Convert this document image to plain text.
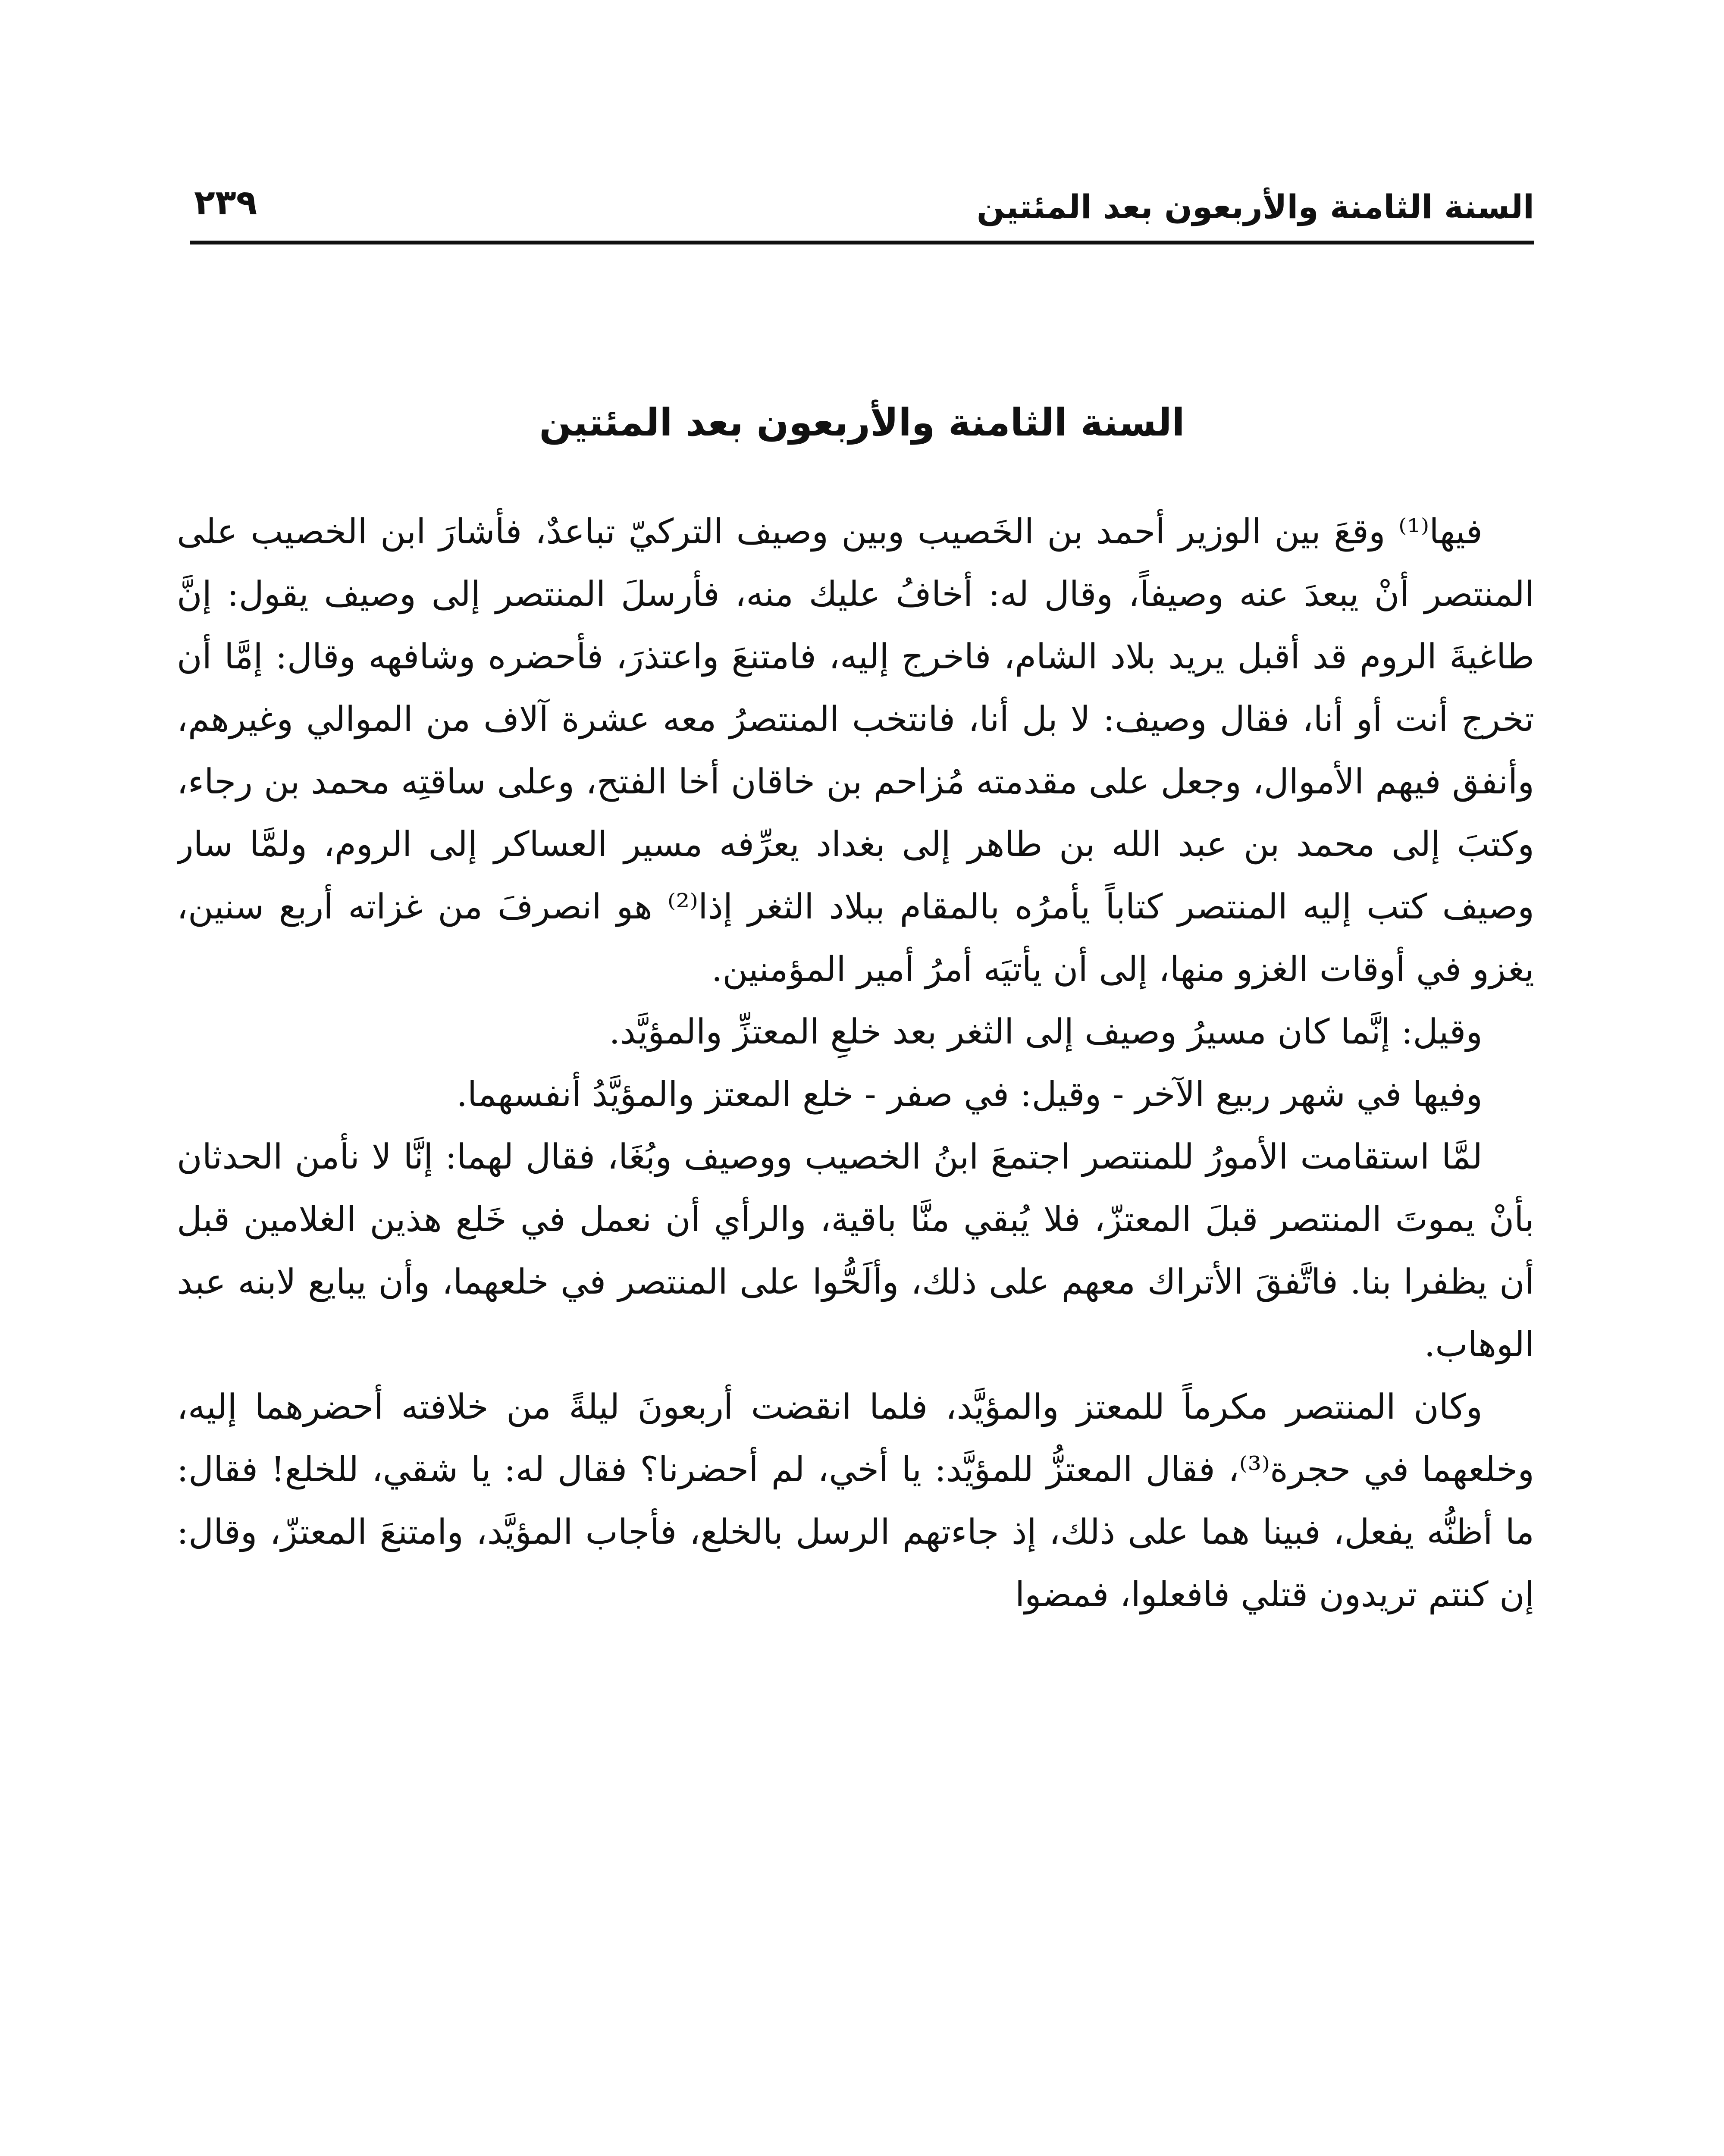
السنة الثامنة والأربعون بعد المئتين
٢٣٩
السنة الثامنة والأربعون بعد المئتين

فيها⁽¹⁾ وقعَ بين الوزير أحمد بن الخَصيب وبين وصيف التركيّ تباعدٌ، فأشارَ ابن الخصيب على المنتصر أنْ يبعدَ عنه وصيفاً، وقال له: أخافُ عليك منه، فأرسلَ المنتصر إلى وصيف يقول: إنَّ طاغيةَ الروم قد أقبل يريد بلاد الشام، فاخرج إليه، فامتنعَ واعتذرَ، فأحضره وشافهه وقال: إمَّا أن تخرج أنت أو أنا، فقال وصيف: لا بل أنا، فانتخب المنتصرُ معه عشرة آلاف من الموالي وغيرهم، وأنفق فيهم الأموال، وجعل على مقدمته مُزاحم بن خاقان أخا الفتح، وعلى ساقتِه محمد بن رجاء، وكتبَ إلى محمد بن عبد الله بن طاهر إلى بغداد يعرِّفه مسير العساكر إلى الروم، ولمَّا سار وصيف كتب إليه المنتصر كتاباً يأمرُه بالمقام ببلاد الثغر إذا⁽²⁾ هو انصرفَ من غزاته أربع سنين، يغزو في أوقات الغزو منها، إلى أن يأتيَه أمرُ أمير المؤمنين.

وقيل: إنَّما كان مسيرُ وصيف إلى الثغر بعد خلعِ المعتزِّ والمؤيَّد.

وفيها في شهر ربيع الآخر - وقيل: في صفر - خلع المعتز والمؤيَّدُ أنفسهما.

لمَّا استقامت الأمورُ للمنتصر اجتمعَ ابنُ الخصيب ووصيف وبُغَا، فقال لهما: إنَّا لا نأمن الحدثان بأنْ يموتَ المنتصر قبلَ المعتزّ، فلا يُبقي منَّا باقية، والرأي أن نعمل في خَلع هذين الغلامين قبل أن يظفرا بنا. فاتَّفقَ الأتراك معهم على ذلك، وألَحُّوا على المنتصر في خلعهما، وأن يبايع لابنه عبد الوهاب.

وكان المنتصر مكرماً للمعتز والمؤيَّد، فلما انقضت أربعونَ ليلةً من خلافته أحضرهما إليه، وخلعهما في حجرة⁽³⁾، فقال المعتزُّ للمؤيَّد: يا أخي، لم أحضرنا؟ فقال له: يا شقي، للخلع! فقال: ما أظنُّه يفعل، فبينا هما على ذلك، إذ جاءتهم الرسل بالخلع، فأجاب المؤيَّد، وامتنعَ المعتزّ، وقال: إن كنتم تريدون قتلي فافعلوا، فمضوا
